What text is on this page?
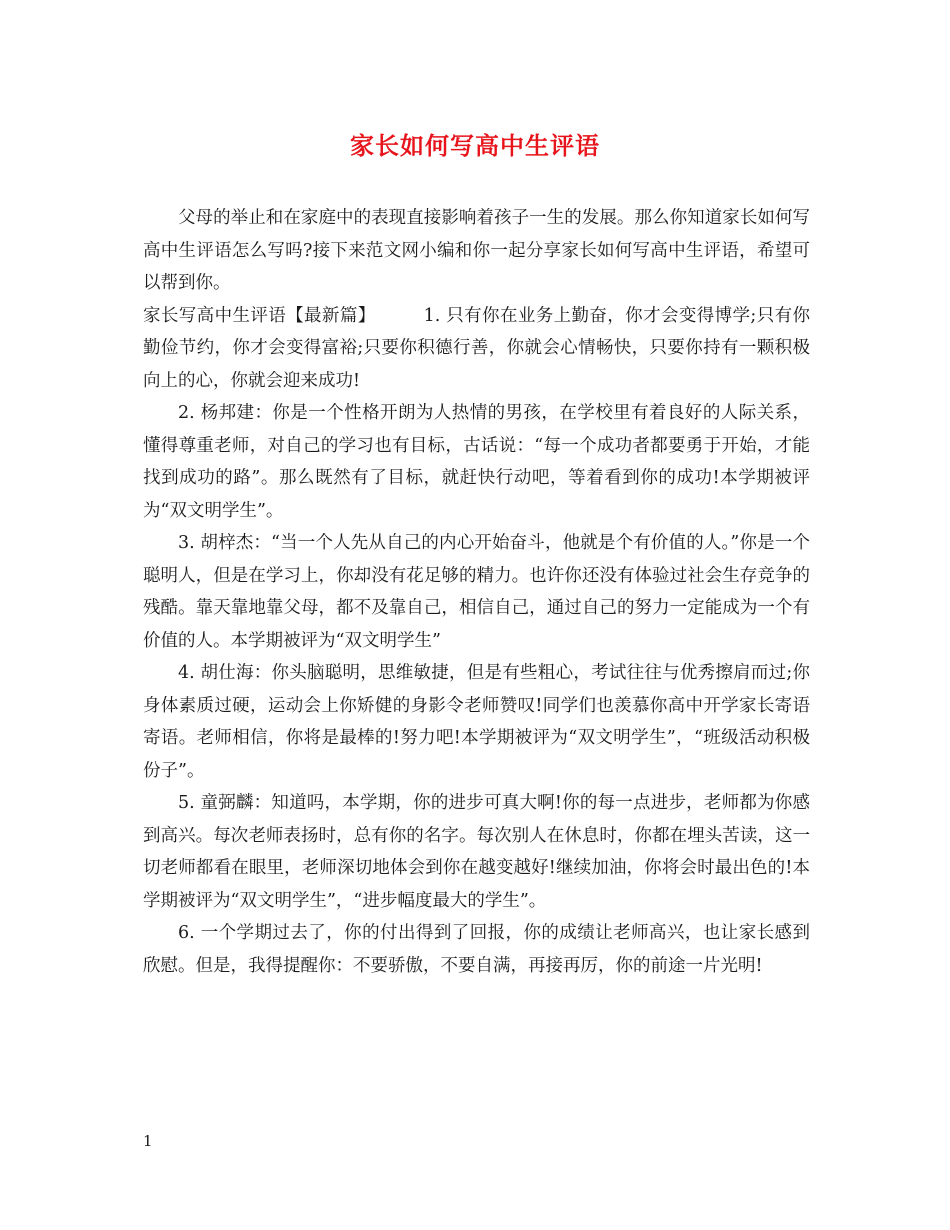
家长如何写高中生评语

父母的举止和在家庭中的表现直接影响着孩子一生的发展。那么你知道家长如何写高中生评语怎么写吗?接下来范文网小编和你一起分享家长如何写高中生评语，希望可以帮到你。

家长写高中生评语【最新篇】	1. 只有你在业务上勤奋，你才会变得博学;只有你勤俭节约，你才会变得富裕;只要你积德行善，你就会心情畅快，只要你持有一颗积极向上的心，你就会迎来成功!

2. 杨邦建：你是一个性格开朗为人热情的男孩，在学校里有着良好的人际关系，懂得尊重老师，对自己的学习也有目标，古话说：“每一个成功者都要勇于开始，才能找到成功的路”。那么既然有了目标，就赶快行动吧，等着看到你的成功!本学期被评为“双文明学生”。

3. 胡梓杰：“当一个人先从自己的内心开始奋斗，他就是个有价值的人。”你是一个聪明人，但是在学习上，你却没有花足够的精力。也许你还没有体验过社会生存竞争的残酷。靠天靠地靠父母，都不及靠自己，相信自己，通过自己的努力一定能成为一个有价值的人。本学期被评为“双文明学生”

4. 胡仕海：你头脑聪明，思维敏捷，但是有些粗心，考试往往与优秀擦肩而过;你身体素质过硬，运动会上你矫健的身影令老师赞叹!同学们也羡慕你高中开学家长寄语寄语。老师相信，你将是最棒的!努力吧!本学期被评为“双文明学生”，“班级活动积极份子”。

5. 童弼麟：知道吗，本学期，你的进步可真大啊!你的每一点进步，老师都为你感到高兴。每次老师表扬时，总有你的名字。每次别人在休息时，你都在埋头苦读，这一切老师都看在眼里，老师深切地体会到你在越变越好!继续加油，你将会时最出色的!本学期被评为“双文明学生”，“进步幅度最大的学生”。

6. 一个学期过去了，你的付出得到了回报，你的成绩让老师高兴，也让家长感到欣慰。但是，我得提醒你：不要骄傲，不要自满，再接再厉，你的前途一片光明!

1
